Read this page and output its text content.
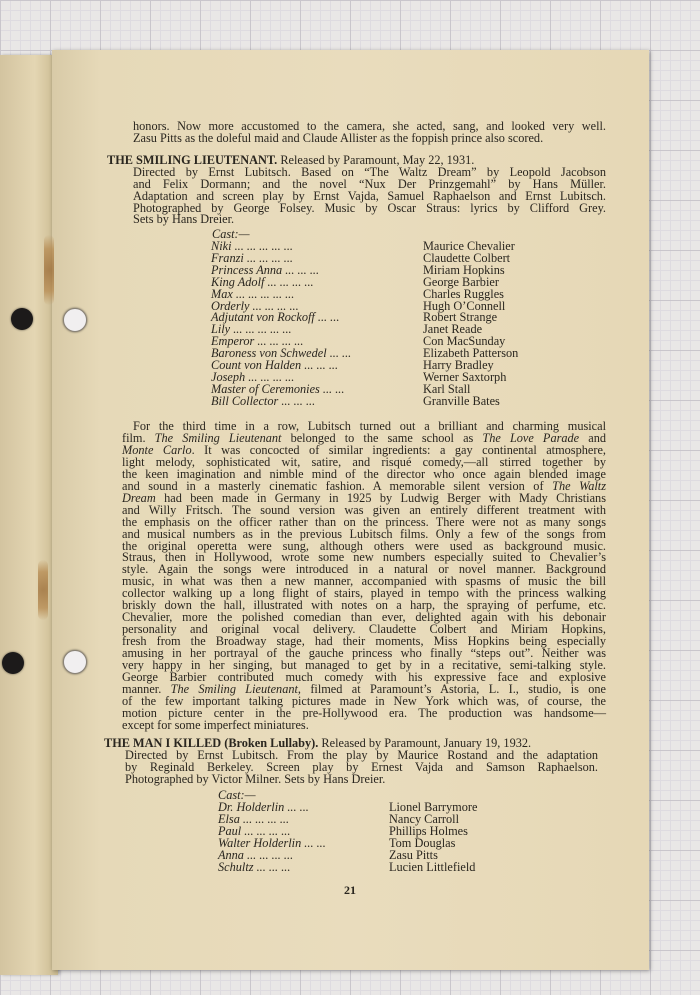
honors. Now more accustomed to the camera, she acted, sang, and looked very well.
Zasu Pitts as the doleful maid and Claude Allister as the foppish prince also scored.
THE SMILING LIEUTENANT. Released by Paramount, May 22, 1931.
Directed by Ernst Lubitsch. Based on “The Waltz Dream” by Leopold Jacobson
and Felix Dormann; and the novel “Nux Der Prinzgemahl” by Hans Müller.
Adaptation and screen play by Ernst Vajda, Samuel Raphaelson and Ernst Lubitsch.
Photographed by George Folsey. Music by Oscar Straus: lyrics by Clifford Grey.
Sets by Hans Dreier.
Cast:—
Niki ... ... ... ... ...	Maurice Chevalier
Franzi ... ... ... ...	Claudette Colbert
Princess Anna ... ... ...	Miriam Hopkins
King Adolf ... ... ... ...	George Barbier
Max ... ... ... ... ...	Charles Ruggles
Orderly ... ... ... ...	Hugh O’Connell
Adjutant von Rockoff ... ...	Robert Strange
Lily ... ... ... ... ...	Janet Reade
Emperor ... ... ... ...	Con MacSunday
Baroness von Schwedel ... ...	Elizabeth Patterson
Count von Halden ... ... ...	Harry Bradley
Joseph ... ... ... ...	Werner Saxtorph
Master of Ceremonies ... ...	Karl Stall
Bill Collector ... ... ...	Granville Bates
For the third time in a row, Lubitsch turned out a brilliant and charming musical
film. The Smiling Lieutenant belonged to the same school as The Love Parade and
Monte Carlo. It was concocted of similar ingredients: a gay continental atmosphere,
light melody, sophisticated wit, satire, and risqué comedy,—all stirred together by
the keen imagination and nimble mind of the director who once again blended image
and sound in a masterly cinematic fashion. A memorable silent version of The Waltz
Dream had been made in Germany in 1925 by Ludwig Berger with Mady Christians
and Willy Fritsch. The sound version was given an entirely different treatment with
the emphasis on the officer rather than on the princess. There were not as many songs
and musical numbers as in the previous Lubitsch films. Only a few of the songs from
the original operetta were sung, although others were used as background music.
Straus, then in Hollywood, wrote some new numbers especially suited to Chevalier’s
style. Again the songs were introduced in a natural or novel manner. Background
music, in what was then a new manner, accompanied with spasms of music the bill
collector walking up a long flight of stairs, played in tempo with the princess walking
briskly down the hall, illustrated with notes on a harp, the spraying of perfume, etc.
Chevalier, more the polished comedian than ever, delighted again with his debonair
personality and original vocal delivery. Claudette Colbert and Miriam Hopkins,
fresh from the Broadway stage, had their moments, Miss Hopkins being especially
amusing in her portrayal of the gauche princess who finally “steps out”. Neither was
very happy in her singing, but managed to get by in a recitative, semi-talking style.
George Barbier contributed much comedy with his expressive face and explosive
manner. The Smiling Lieutenant, filmed at Paramount’s Astoria, L. I., studio, is one
of the few important talking pictures made in New York which was, of course, the
motion picture center in the pre-Hollywood era. The production was handsome—
except for some imperfect miniatures.
THE MAN I KILLED (Broken Lullaby). Released by Paramount, January 19, 1932.
Directed by Ernst Lubitsch. From the play by Maurice Rostand and the adaptation
by Reginald Berkeley. Screen play by Ernest Vajda and Samson Raphaelson.
Photographed by Victor Milner. Sets by Hans Dreier.
Cast:—
Dr. Holderlin ... ...	Lionel Barrymore
Elsa ... ... ... ...	Nancy Carroll
Paul ... ... ... ...	Phillips Holmes
Walter Holderlin ... ...	Tom Douglas
Anna ... ... ... ...	Zasu Pitts
Schultz ... ... ...	Lucien Littlefield
21
